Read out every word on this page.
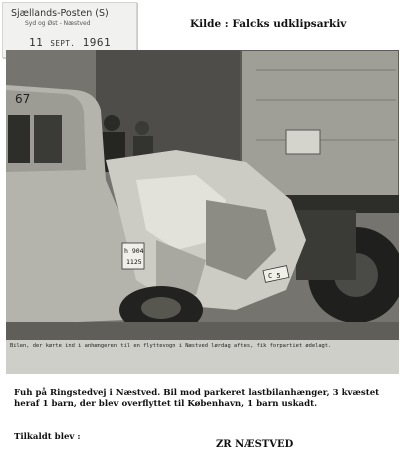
Sjællands-Posten (S)
Syd og Øst - Næstved
11 SEPT. 1961
Kilde : Falcks udklipsarkiv
67
h 904
1125
C 5
Bilen, der kørte ind i anhængeren til en flyttevogn i Næstved lørdag aftes, fik forpartiet ødelagt.
Fuh på Ringstedvej i Næstved. Bil mod parkeret lastbilanhænger, 3 kvæstet heraf 1 barn, der blev overflyttet til København, 1 barn uskadt.
Tilkaldt blev :
ZR NÆSTVED
